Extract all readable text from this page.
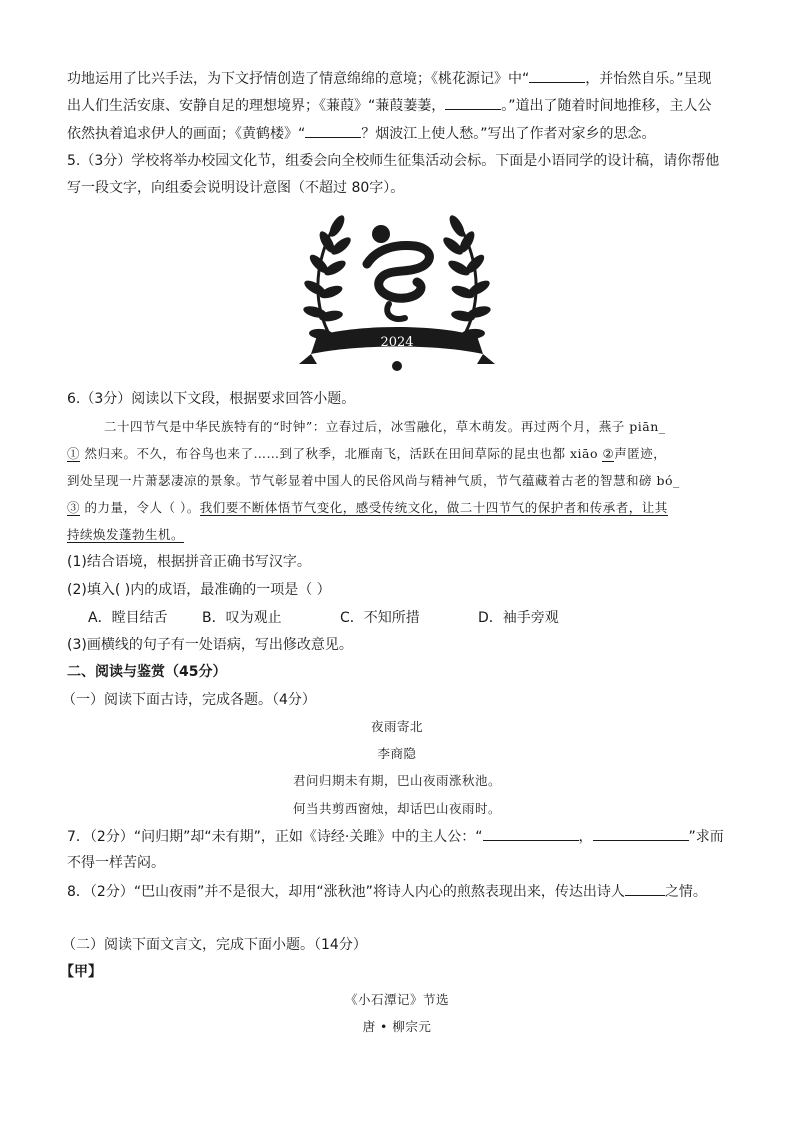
功地运用了比兴手法，为下文抒情创造了情意绵绵的意境；《桃花源记》中“	，并怡然自乐。”呈现
出人们生活安康、安静自足的理想境界；《蒹葭》“蒹葭萋萋，	。”道出了随着时间地推移，主人公
依然执着追求伊人的画面；《黄鹤楼》“	？烟波江上使人愁。”写出了作者对家乡的思念。
5.（3分）学校将举办校园文化节，组委会向全校师生征集活动会标。下面是小语同学的设计稿，请你帮他
写一段文字，向组委会说明设计意图（不超过 80字）。
2024
6.（3分）阅读以下文段，根据要求回答小题。
二十四节气是中华民族特有的“时钟”：立春过后，冰雪融化，草木萌发。再过两个月，燕子 piān_
① 然归来。不久，布谷鸟也来了……到了秋季，北雁南飞，活跃在田间草际的昆虫也都 xiāo ②声匿迹，
到处呈现一片萧瑟凄凉的景象。节气彰显着中国人的民俗风尚与精神气质，节气蕴藏着古老的智慧和磅 bó_
③ 的力量，令人（ ）。我们要不断体悟节气变化，感受传统文化，做二十四节气的保护者和传承者，让其
持续焕发蓬勃生机。
(1)结合语境，根据拼音正确书写汉字。
(2)填入( )内的成语，最准确的一项是（ ）
A．瞠目结舌 B．叹为观止	C．不知所措	D．袖手旁观
(3)画横线的句子有一处语病，写出修改意见。
二、阅读与鉴赏（45分）
（一）阅读下面古诗，完成各题。（4分）
夜雨寄北
李商隐
君问归期未有期，巴山夜雨涨秋池。
何当共剪西窗烛，却话巴山夜雨时。
7．（2分）“问归期”却“未有期”，正如《诗经·关雎》中的主人公：“	，	”求而
不得一样苦闷。
8．（2分）“巴山夜雨”并不是很大，却用“涨秋池”将诗人内心的煎熬表现出来，传达出诗人	之情。
（二）阅读下面文言文，完成下面小题。（14分）
【甲】
《小石潭记》节选
唐 • 柳宗元
